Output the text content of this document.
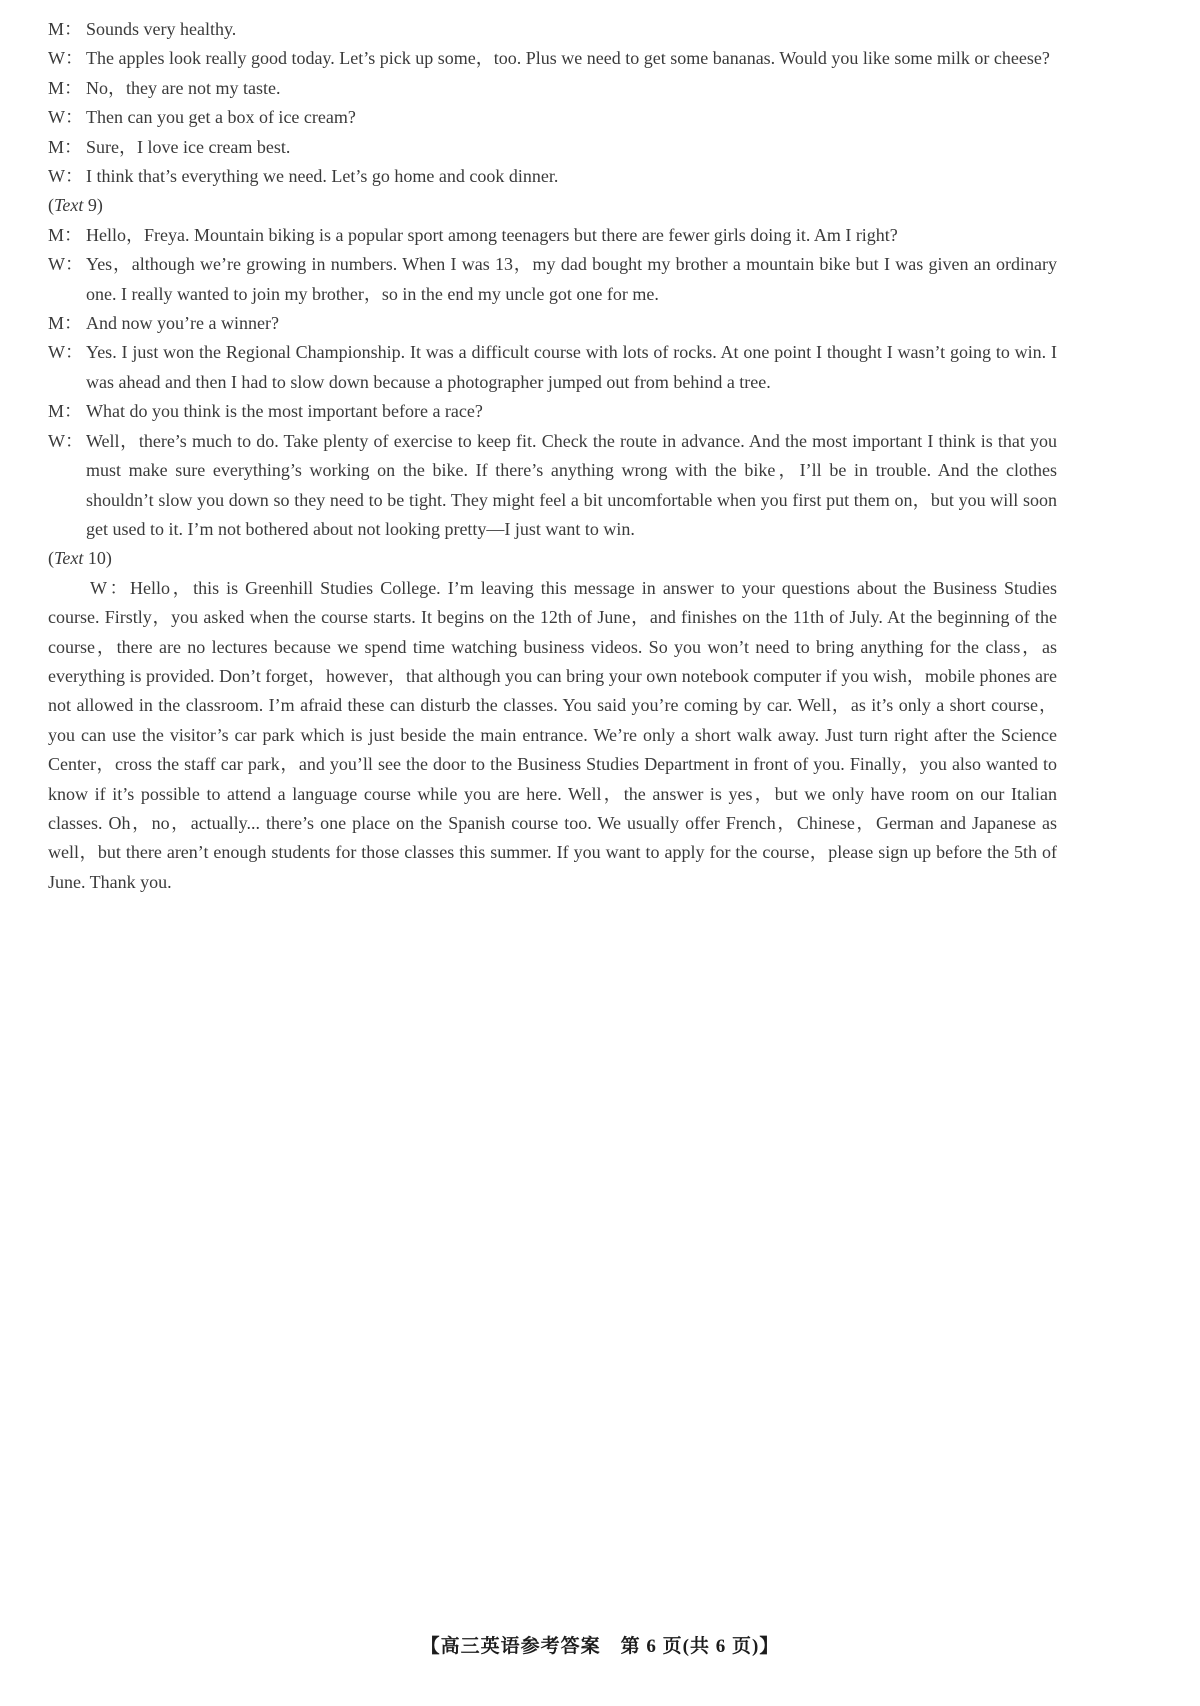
M： Sounds very healthy.
W： The apples look really good today. Let’s pick up some，too. Plus we need to get some bananas. Would you like some milk or cheese?
M： No，they are not my taste.
W： Then can you get a box of ice cream?
M： Sure，I love ice cream best.
W： I think that’s everything we need. Let’s go home and cook dinner.
(Text 9)
M： Hello，Freya. Mountain biking is a popular sport among teenagers but there are fewer girls doing it. Am I right?
W： Yes，although we’re growing in numbers. When I was 13，my dad bought my brother a mountain bike but I was given an ordinary one. I really wanted to join my brother，so in the end my uncle got one for me.
M： And now you’re a winner?
W： Yes. I just won the Regional Championship. It was a difficult course with lots of rocks. At one point I thought I wasn’t going to win. I was ahead and then I had to slow down because a photographer jumped out from behind a tree.
M： What do you think is the most important before a race?
W： Well，there’s much to do. Take plenty of exercise to keep fit. Check the route in advance. And the most important I think is that you must make sure everything’s working on the bike. If there’s anything wrong with the bike，I’ll be in trouble. And the clothes shouldn’t slow you down so they need to be tight. They might feel a bit uncomfortable when you first put them on，but you will soon get used to it. I’m not bothered about not looking pretty—I just want to win.
(Text 10)
W：Hello，this is Greenhill Studies College. I’m leaving this message in answer to your questions about the Business Studies course. Firstly，you asked when the course starts. It begins on the 12th of June，and finishes on the 11th of July. At the beginning of the course，there are no lectures because we spend time watching business videos. So you won’t need to bring anything for the class，as everything is provided. Don’t forget，however，that although you can bring your own notebook computer if you wish，mobile phones are not allowed in the classroom. I’m afraid these can disturb the classes. You said you’re coming by car. Well，as it’s only a short course，you can use the visitor’s car park which is just beside the main entrance. We’re only a short walk away. Just turn right after the Science Center，cross the staff car park，and you’ll see the door to the Business Studies Department in front of you. Finally，you also wanted to know if it’s possible to attend a language course while you are here. Well，the answer is yes，but we only have room on our Italian classes. Oh，no，actually... there’s one place on the Spanish course too. We usually offer French，Chinese，German and Japanese as well，but there aren’t enough students for those classes this summer. If you want to apply for the course，please sign up before the 5th of June. Thank you.
【高三英语参考答案　第 6 页(共 6 页)】
